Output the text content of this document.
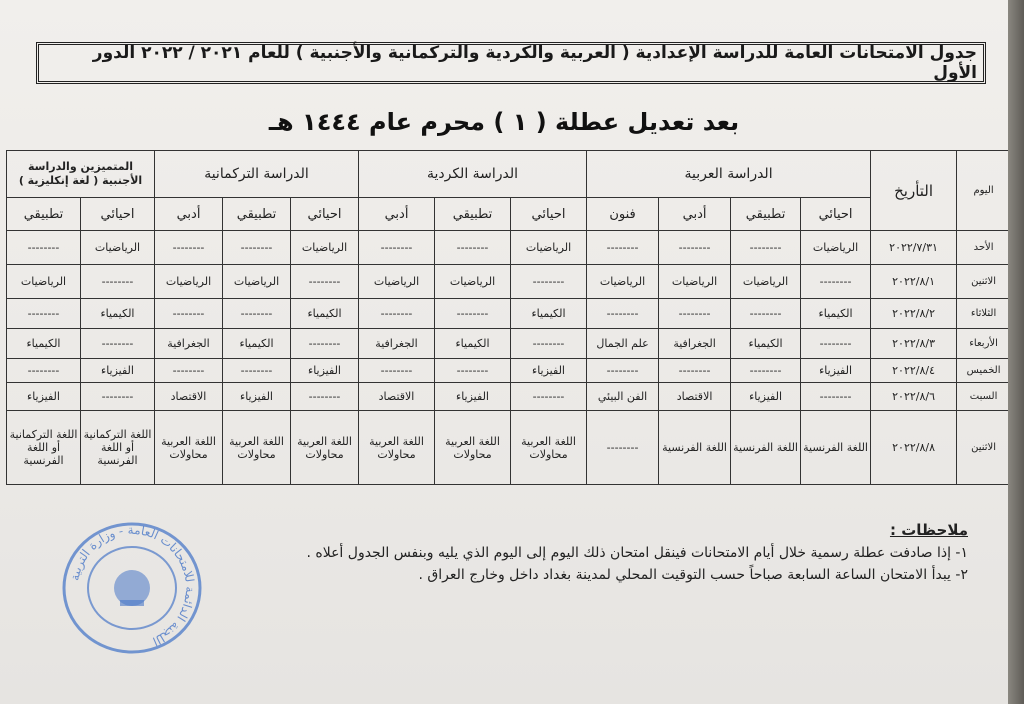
جدول الامتحانات العامة للدراسة الإعدادية ( العربية والكردية والتركمانية والأجنبية ) للعام ٢٠٢١ / ٢٠٢٢ الدور الأول
بعد تعديل عطلة ( ١ ) محرم عام ١٤٤٤ هـ
اليوم	التأريخ	الدراسة العربية				الدراسة الكردية			الدراسة التركمانية			المتميزين والدراسة الأجنبية ( لغة إنكليزية )	
		احيائي	تطبيقي	أدبي	فنون	احيائي	تطبيقي	أدبي	احيائي	تطبيقي	أدبي	احيائي	تطبيقي
الأحد	٢٠٢٢/٧/٣١	الرياضيات	--------	--------	--------	الرياضيات	--------	--------	الرياضيات	--------	--------	الرياضيات	--------
الاثنين	٢٠٢٢/٨/١	--------	الرياضيات	الرياضيات	الرياضيات	--------	الرياضيات	الرياضيات	--------	الرياضيات	الرياضيات	--------	الرياضيات
الثلاثاء	٢٠٢٢/٨/٢	الكيمياء	--------	--------	--------	الكيمياء	--------	--------	الكيمياء	--------	--------	الكيمياء	--------
الأربعاء	٢٠٢٢/٨/٣	--------	الكيمياء	الجغرافية	علم الجمال	--------	الكيمياء	الجغرافية	--------	الكيمياء	الجغرافية	--------	الكيمياء
الخميس	٢٠٢٢/٨/٤	الفيزياء	--------	--------	--------	الفيزياء	--------	--------	الفيزياء	--------	--------	الفيزياء	--------
السبت	٢٠٢٢/٨/٦	--------	الفيزياء	الاقتصاد	الفن البيئي	--------	الفيزياء	الاقتصاد	--------	الفيزياء	الاقتصاد	--------	الفيزياء
الاثنين	٢٠٢٢/٨/٨	اللغة الفرنسية	اللغة الفرنسية	اللغة الفرنسية	--------	اللغة العربية محاولات	اللغة العربية محاولات	اللغة العربية محاولات	اللغة العربية محاولات	اللغة العربية محاولات	اللغة العربية محاولات	اللغة التركمانية أو اللغة الفرنسية	اللغة التركمانية أو اللغة الفرنسية
ملاحظات :
١- إذا صادفت عطلة رسمية خلال أيام الامتحانات فينقل امتحان ذلك اليوم إلى اليوم الذي يليه وبنفس الجدول أعلاه .
٢- يبدأ الامتحان الساعة السابعة صباحاً حسب التوقيت المحلي لمدينة بغداد داخل وخارج العراق .
اللجنة الدائمة للامتحانات العامة - وزارة التربية
